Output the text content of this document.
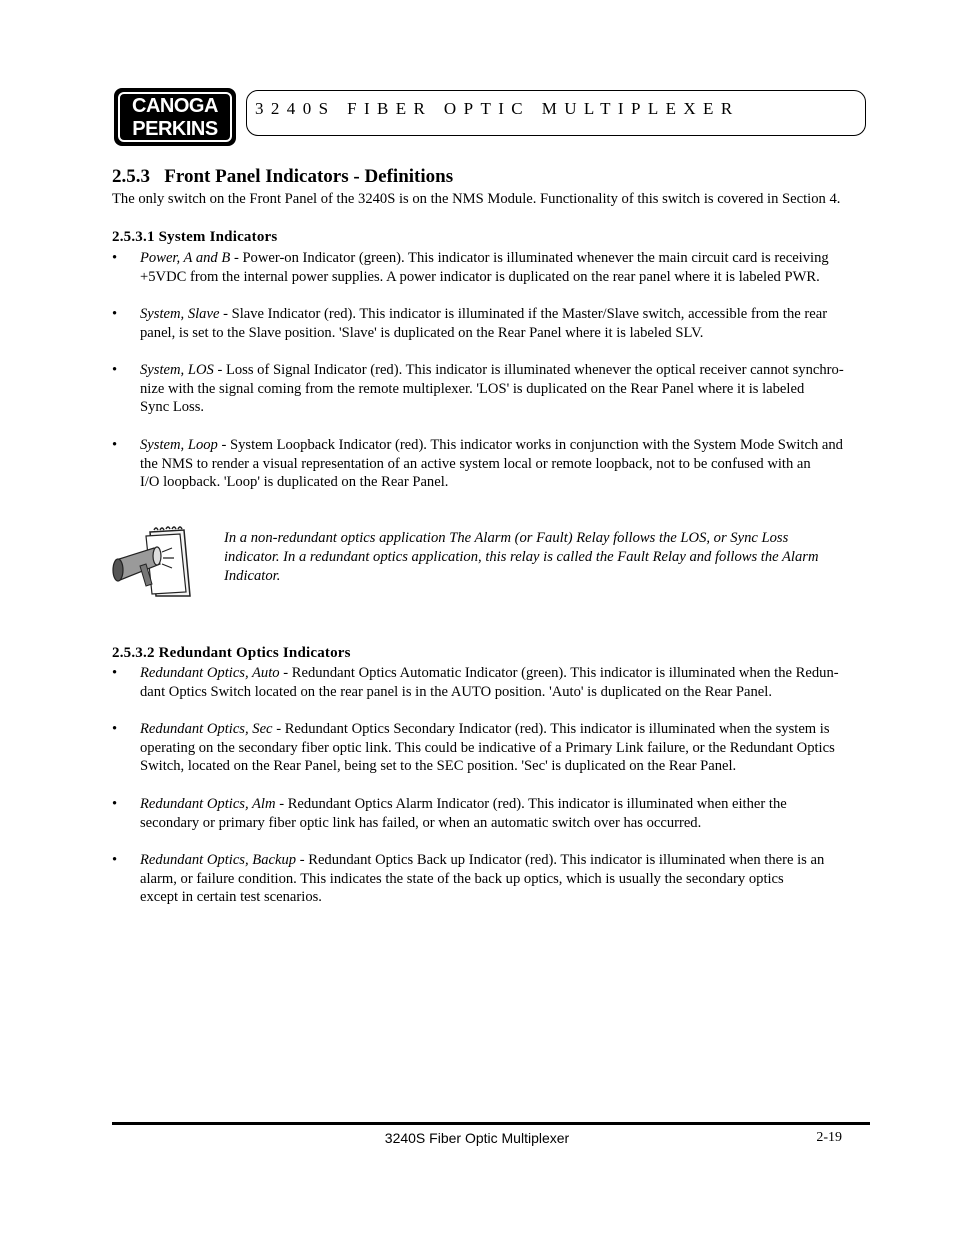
CANOGA
PERKINS
3240S FIBER OPTIC MULTIPLEXER
2.5.3   Front Panel Indicators - Definitions
The only switch on the Front Panel of the 3240S is on the NMS Module. Functionality of this switch is covered in Section 4.
2.5.3.1 System Indicators
•	Power, A and B - Power-on Indicator (green). This indicator is illuminated whenever the main circuit card is receiving
+5VDC from the internal power supplies. A power indicator is duplicated on the rear panel where it is labeled PWR.
•	System, Slave - Slave Indicator (red). This indicator is illuminated if the Master/Slave switch, accessible from the rear
panel, is set to the Slave position. 'Slave' is duplicated on the Rear Panel where it is labeled SLV.
•	System, LOS - Loss of Signal Indicator (red). This indicator is illuminated whenever the optical receiver cannot synchro-
nize with the signal coming from the remote multiplexer. 'LOS' is duplicated on the Rear Panel where it is labeled
Sync Loss.
•	System, Loop - System Loopback Indicator (red). This indicator works in conjunction with the System Mode Switch and
the NMS to render a visual representation of an active system local or remote loopback, not to be confused with an
I/O loopback. 'Loop' is duplicated on the Rear Panel.
In a non-redundant optics application The Alarm (or Fault) Relay follows the LOS, or Sync Loss
indicator. In a redundant optics application, this relay is called the Fault Relay and follows the Alarm
Indicator.
2.5.3.2 Redundant Optics Indicators
•	Redundant Optics, Auto - Redundant Optics Automatic Indicator (green). This indicator is illuminated when the Redun-
dant Optics Switch located on the rear panel is in the AUTO position. 'Auto' is duplicated on the Rear Panel.
•	Redundant Optics, Sec - Redundant Optics Secondary Indicator (red). This indicator is illuminated when the system is
operating on the secondary fiber optic link. This could be indicative of a Primary Link failure, or the Redundant Optics
Switch, located on the Rear Panel, being set to the SEC position. 'Sec' is duplicated on the Rear Panel.
•	Redundant Optics, Alm - Redundant Optics Alarm Indicator (red). This indicator is illuminated when either the
secondary or primary fiber optic link has failed, or when an automatic switch over has occurred.
•	Redundant Optics, Backup - Redundant Optics Back up Indicator (red). This indicator is illuminated when there is an
alarm, or failure condition. This indicates the state of the back up optics, which is usually the secondary optics
except in certain test scenarios.
3240S Fiber Optic Multiplexer	2-19
